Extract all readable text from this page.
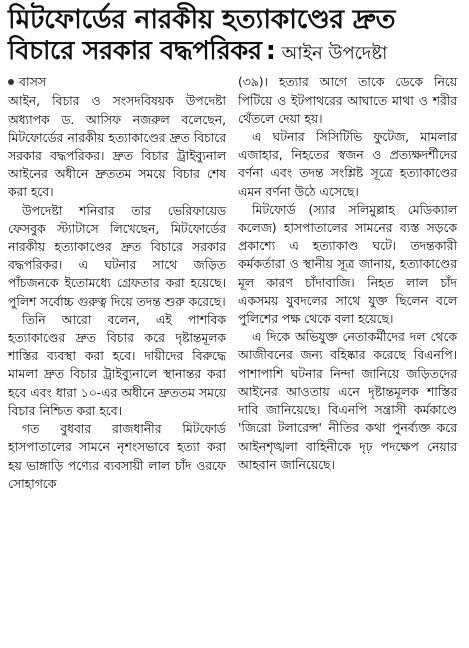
মিটফোর্ডের নারকীয় হত্যাকাণ্ডের দ্রুত
বিচারে সরকার বদ্ধপরিকর : আইন উপদেষ্টা
বাসস

আইন, বিচার ও সংসদবিষয়ক উপদেষ্টা অধ্যাপক ড. আসিফ নজরুল বলেছেন, মিটফোর্ডের নারকীয় হত্যাকাণ্ডের দ্রুত বিচারে সরকার বদ্ধপরিকর। দ্রুত বিচার ট্রাইব্যুনাল আইনের অধীনে দ্রুততম সময়ে বিচার শেষ করা হবে।

উপদেষ্টা শনিবার তার ভেরিফায়েড ফেসবুক স্ট্যাটাসে লিখেছেন, মিটফোর্ডের নারকীয় হত্যাকাণ্ডের দ্রুত বিচারে সরকার বদ্ধপরিকর। এ ঘটনার সাথে জড়িত পাঁচজনকে ইতোমধ্যে গ্রেফতার করা হয়েছে। পুলিশ সর্বোচ্চ গুরুত্ব দিয়ে তদন্ত শুরু করেছে।

তিনি আরো বলেন, এই পাশবিক হত্যাকাণ্ডের দ্রুত বিচার করে দৃষ্টান্তমূলক শাস্তির ব্যবস্থা করা হবে। দায়ীদের বিরুদ্ধে মামলা দ্রুত বিচার ট্রাইব্যুনালে স্থানান্তর করা হবে এবং ধারা ১০-এর অধীনে দ্রুততম সময়ে বিচার নিশ্চিত করা হবে।

গত বুধবার রাজধানীর মিটফোর্ড হাসপাতালের সামনে নৃশংসভাবে হত্যা করা হয় ভাঙ্গাড়ি পণ্যের ব্যবসায়ী লাল চাঁদ ওরফে সোহাগকে

(৩৯)। হত্যার আগে তাকে ডেকে নিয়ে পিটিয়ে ও ইটপাথরের আঘাতে মাথা ও শরীর থেঁতলে দেয়া হয়।

এ ঘটনার সিসিটিভি ফুটেজ, মামলার এজাহার, নিহতের স্বজন ও প্রত্যক্ষদর্শীদের বর্ণনা এবং তদন্ত সংশ্লিষ্ট সূত্রে হত্যাকাণ্ডের এমন বর্ণনা উঠে এসেছে।

মিটফোর্ড (স্যার সলিমুল্লাহ মেডিক্যাল কলেজ) হাসপাতালের সামনের ব্যস্ত সড়কে প্রকাশ্যে এ হত্যাকাণ্ড ঘটে। তদন্তকারী কর্মকর্তারা ও স্থানীয় সূত্র জানায়, হত্যাকাণ্ডের মূল কারণ চাঁদাবাজি। নিহত লাল চাঁদ একসময় যুবদলের সাথে যুক্ত ছিলেন বলে পুলিশের পক্ষ থেকে বলা হয়েছে।

এ দিকে অভিযুক্ত নেতাকর্মীদের দল থেকে আজীবনের জন্য বহিষ্কার করেছে বিএনপি। পাশাপাশি ঘটনার নিন্দা জানিয়ে জড়িতদের আইনের আওতায় এনে দৃষ্টান্তমূলক শাস্তির দাবি জানিয়েছে। বিএনপি সন্ত্রাসী কর্মকাণ্ডে 'জিরো টলারেন্স' নীতির কথা পুনর্ব্যক্ত করে আইনশৃঙ্খলা বাহিনীকে দৃঢ় পদক্ষেপ নেয়ার আহবান জানিয়েছে।
